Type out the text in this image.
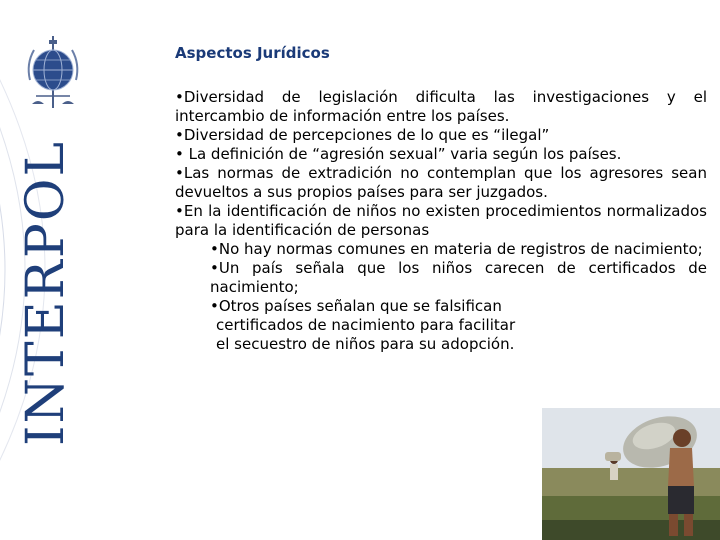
INTERPOL
Aspectos Jurídicos

•Diversidad de legislación dificulta las investigaciones y el intercambio de información entre los países.

•Diversidad de percepciones de lo que es “ilegal”

• La definición de “agresión sexual” varia según los países.

•Las normas de extradición no contemplan que los agresores sean devueltos a sus propios países para ser juzgados.

•En la identificación de niños no existen procedimientos normalizados para la identificación de personas

•No hay normas comunes en materia de registros de nacimiento;

•Un país señala que los niños carecen de certificados de nacimiento;

•Otros países señalan que se falsifican

certificados de nacimiento para facilitar

el secuestro de niños para su adopción.
